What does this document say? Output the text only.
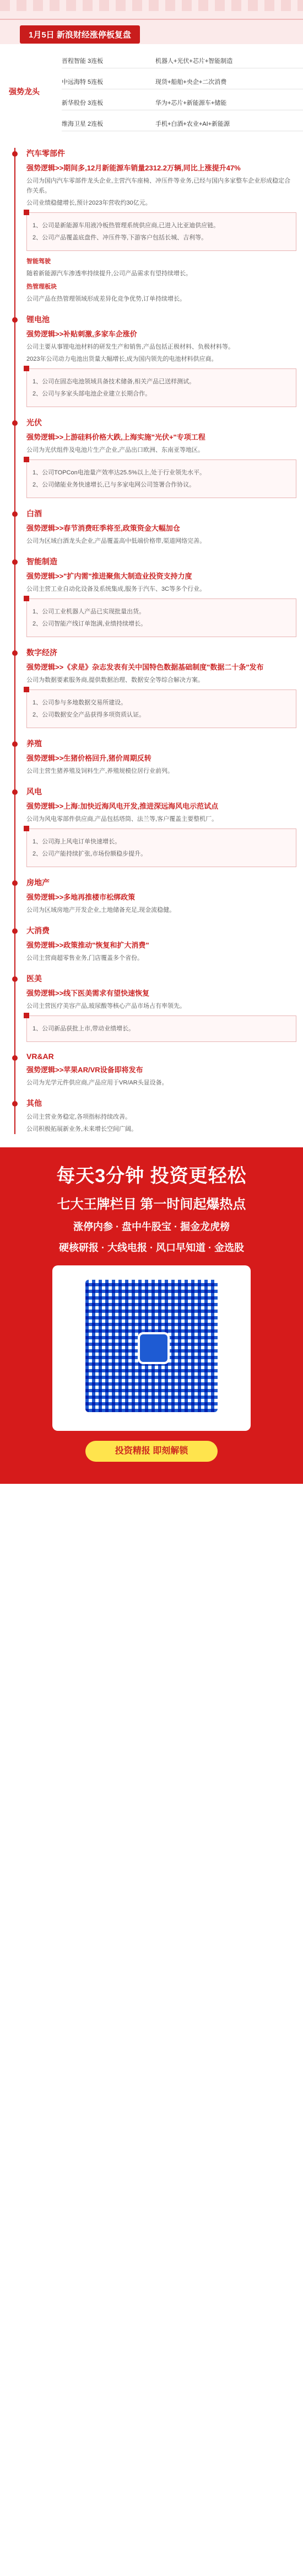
1月5日 新浪财经涨停板复盘
强势龙头
晋程智能 3连板	机器人+光伏+芯片+智能制造
中远海特 5连板	现货+船舶+央企+二次消费
新华股份 3连板	华为+芯片+新能源车+储能
维海卫星 2连板	手机+白酒+农业+AI+新能源
汽车零部件
强势逻辑>>期间多,12月新能源车销量2312.2万辆,同比上涨提升47%
公司为国内汽车零部件龙头企业,主营汽车座椅、冲压件等业务,已经与国内多家整车企业形成稳定合作关系。
公司业绩稳健增长,预计2023年营收约30亿元。
1、公司是新能源车用液冷板热管理系统供应商,已进入比亚迪供应链。
2、公司产品覆盖底盘件、冲压件等,下游客户包括长城、吉利等。
智能驾驶
随着新能源汽车渗透率持续提升,公司产品需求有望持续增长。
热管理板块
公司产品在热管理领域形成差异化竞争优势,订单持续增长。
锂电池
强势逻辑>>补贴刺激,多家车企涨价
公司主要从事锂电池材料的研发生产和销售,产品包括正极材料、负极材料等。
2023年公司动力电池出货量大幅增长,成为国内领先的电池材料供应商。
1、公司在固态电池领域具备技术储备,相关产品已送样测试。
2、公司与多家头部电池企业建立长期合作。
光伏
强势逻辑>>上游硅料价格大跌,上海实施"光伏+"专项工程
公司为光伏组件及电池片生产企业,产品出口欧洲、东南亚等地区。
1、公司TOPCon电池量产效率达25.5%以上,处于行业领先水平。
2、公司储能业务快速增长,已与多家电网公司签署合作协议。
白酒
强势逻辑>>春节消费旺季将至,政策资金大幅加仓
公司为区域白酒龙头企业,产品覆盖高中低端价格带,渠道网络完善。
智能制造
强势逻辑>>"扩内需"推进聚焦大制造业投资支持力度
公司主营工业自动化设备及系统集成,服务于汽车、3C等多个行业。
1、公司工业机器人产品已实现批量出货。
2、公司智能产线订单饱满,业绩持续增长。
数字经济
强势逻辑>>《求是》杂志发表有关中国特色数据基础制度"数据二十条"发布
公司为数据要素服务商,提供数据治理、数据安全等综合解决方案。
1、公司参与多地数据交易所建设。
2、公司数据安全产品获得多项资质认证。
养殖
强势逻辑>>生猪价格回升,猪价周期反转
公司主营生猪养殖及饲料生产,养殖规模位居行业前列。
风电
强势逻辑>>上海:加快近海风电开发,推进深远海风电示范试点
公司为风电零部件供应商,产品包括塔筒、法兰等,客户覆盖主要整机厂。
1、公司海上风电订单快速增长。
2、公司产能持续扩张,市场份额稳步提升。
房地产
强势逻辑>>多地再推楼市松绑政策
公司为区域房地产开发企业,土地储备充足,现金流稳健。
大消费
强势逻辑>>政策推动"恢复和扩大消费"
公司主营商超零售业务,门店覆盖多个省份。
医美
强势逻辑>>线下医美需求有望快速恢复
公司主营医疗美容产品,玻尿酸等核心产品市场占有率领先。
1、公司新品获批上市,带动业绩增长。
VR&AR
强势逻辑>>苹果AR/VR设备即将发布
公司为光学元件供应商,产品应用于VR/AR头显设备。
其他
公司主营业务稳定,各项指标持续改善。
公司积极拓展新业务,未来增长空间广阔。
每天3分钟 投资更轻松
七大王牌栏目 第一时间起爆热点
涨停内参 · 盘中牛股宝 · 掘金龙虎榜
硬核研报 · 大线电报 · 风口早知道 · 金选股
投资精报 即刻解锁
